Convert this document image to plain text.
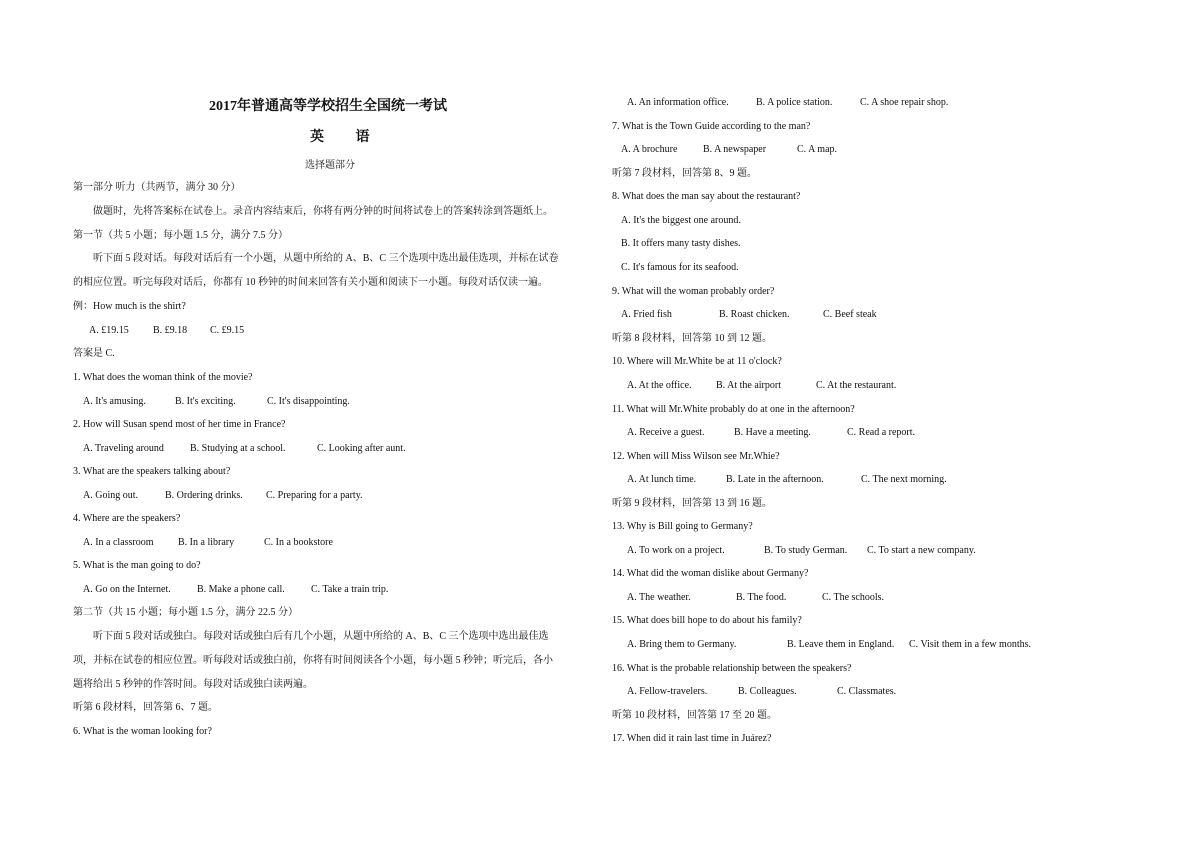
2017年普通高等学校招生全国统一考试
英 语
选择题部分
第一部分 听力（共两节，满分 30 分）
做题时，先将答案标在试卷上。录音内容结束后，你将有两分钟的时间将试卷上的答案转涂到答题纸上。
第一节（共 5 小题；每小题 1.5 分，满分 7.5 分）
听下面 5 段对话。每段对话后有一个小题，从题中所给的 A、B、C 三个选项中选出最佳选项，并标在试卷
的相应位置。听完每段对话后，你都有 10 秒钟的时间来回答有关小题和阅读下一小题。每段对话仅读一遍。
例：How much is the shirt?
A. £19.15 B. £9.18 C. £9.15
答案是 C.
1. What does the woman think of the movie?
A. It's amusing.	B. It's exciting.	C. It's disappointing.
2. How will Susan spend most of her time in France?
A. Traveling around	B. Studying at a school.	C. Looking after aunt.
3. What are the speakers talking about?
A. Going out.	B. Ordering drinks. C. Preparing for a party.
4. Where are the speakers?
A. In a classroom B. In a library	C. In a bookstore
5. What is the man going to do?
A. Go on the Internet.	B. Make a phone call.	C. Take a train trip.
第二节（共 15 小题；每小题 1.5 分，满分 22.5 分）
听下面 5 段对话或独白。每段对话或独白后有几个小题，从题中所给的 A、B、C 三个选项中选出最佳选
项，并标在试卷的相应位置。听每段对话或独白前，你将有时间阅读各个小题，每小题 5 秒钟；听完后，各小
题将给出 5 秒钟的作答时间。每段对话或独白读两遍。
听第 6 段材料，回答第 6、7 题。
6. What is the woman looking for?
A. An information office.	B. A police station.	C. A shoe repair shop.
7. What is the Town Guide according to the man?
A. A brochure	B. A newspaper	C. A map.
听第 7 段材料，回答第 8、9 题。
8. What does the man say about the restaurant?
A. It's the biggest one around.
B. It offers many tasty dishes.
C. It's famous for its seafood.
9. What will the woman probably order?
A. Fried fish	B. Roast chicken.	C. Beef steak
听第 8 段材料，回答第 10 到 12 题。
10. Where will Mr.White be at 11 o'clock?
A. At the office. B. At the airport	C. At the restaurant.
11. What will Mr.White probably do at one in the afternoon?
A. Receive a guest.	B. Have a meeting.	C. Read a report.
12. When will Miss Wilson see Mr.Whie?
A. At lunch time.	B. Late in the afternoon.	C. The next morning.
听第 9 段材料，回答第 13 到 16 题。
13. Why is Bill going to Germany?
A. To work on a project.	B. To study German. C. To start a new company.
14. What did the woman dislike about Germany?
A. The weather.	B. The food.	C. The schools.
15. What does bill hope to do about his family?
A. Bring them to Germany.	B. Leave them in England. C. Visit them in a few months.
16. What is the probable relationship between the speakers?
A. Fellow-travelers.	B. Colleagues.	C. Classmates.
听第 10 段材料，回答第 17 至 20 题。
17. When did it rain last time in Juárez?
